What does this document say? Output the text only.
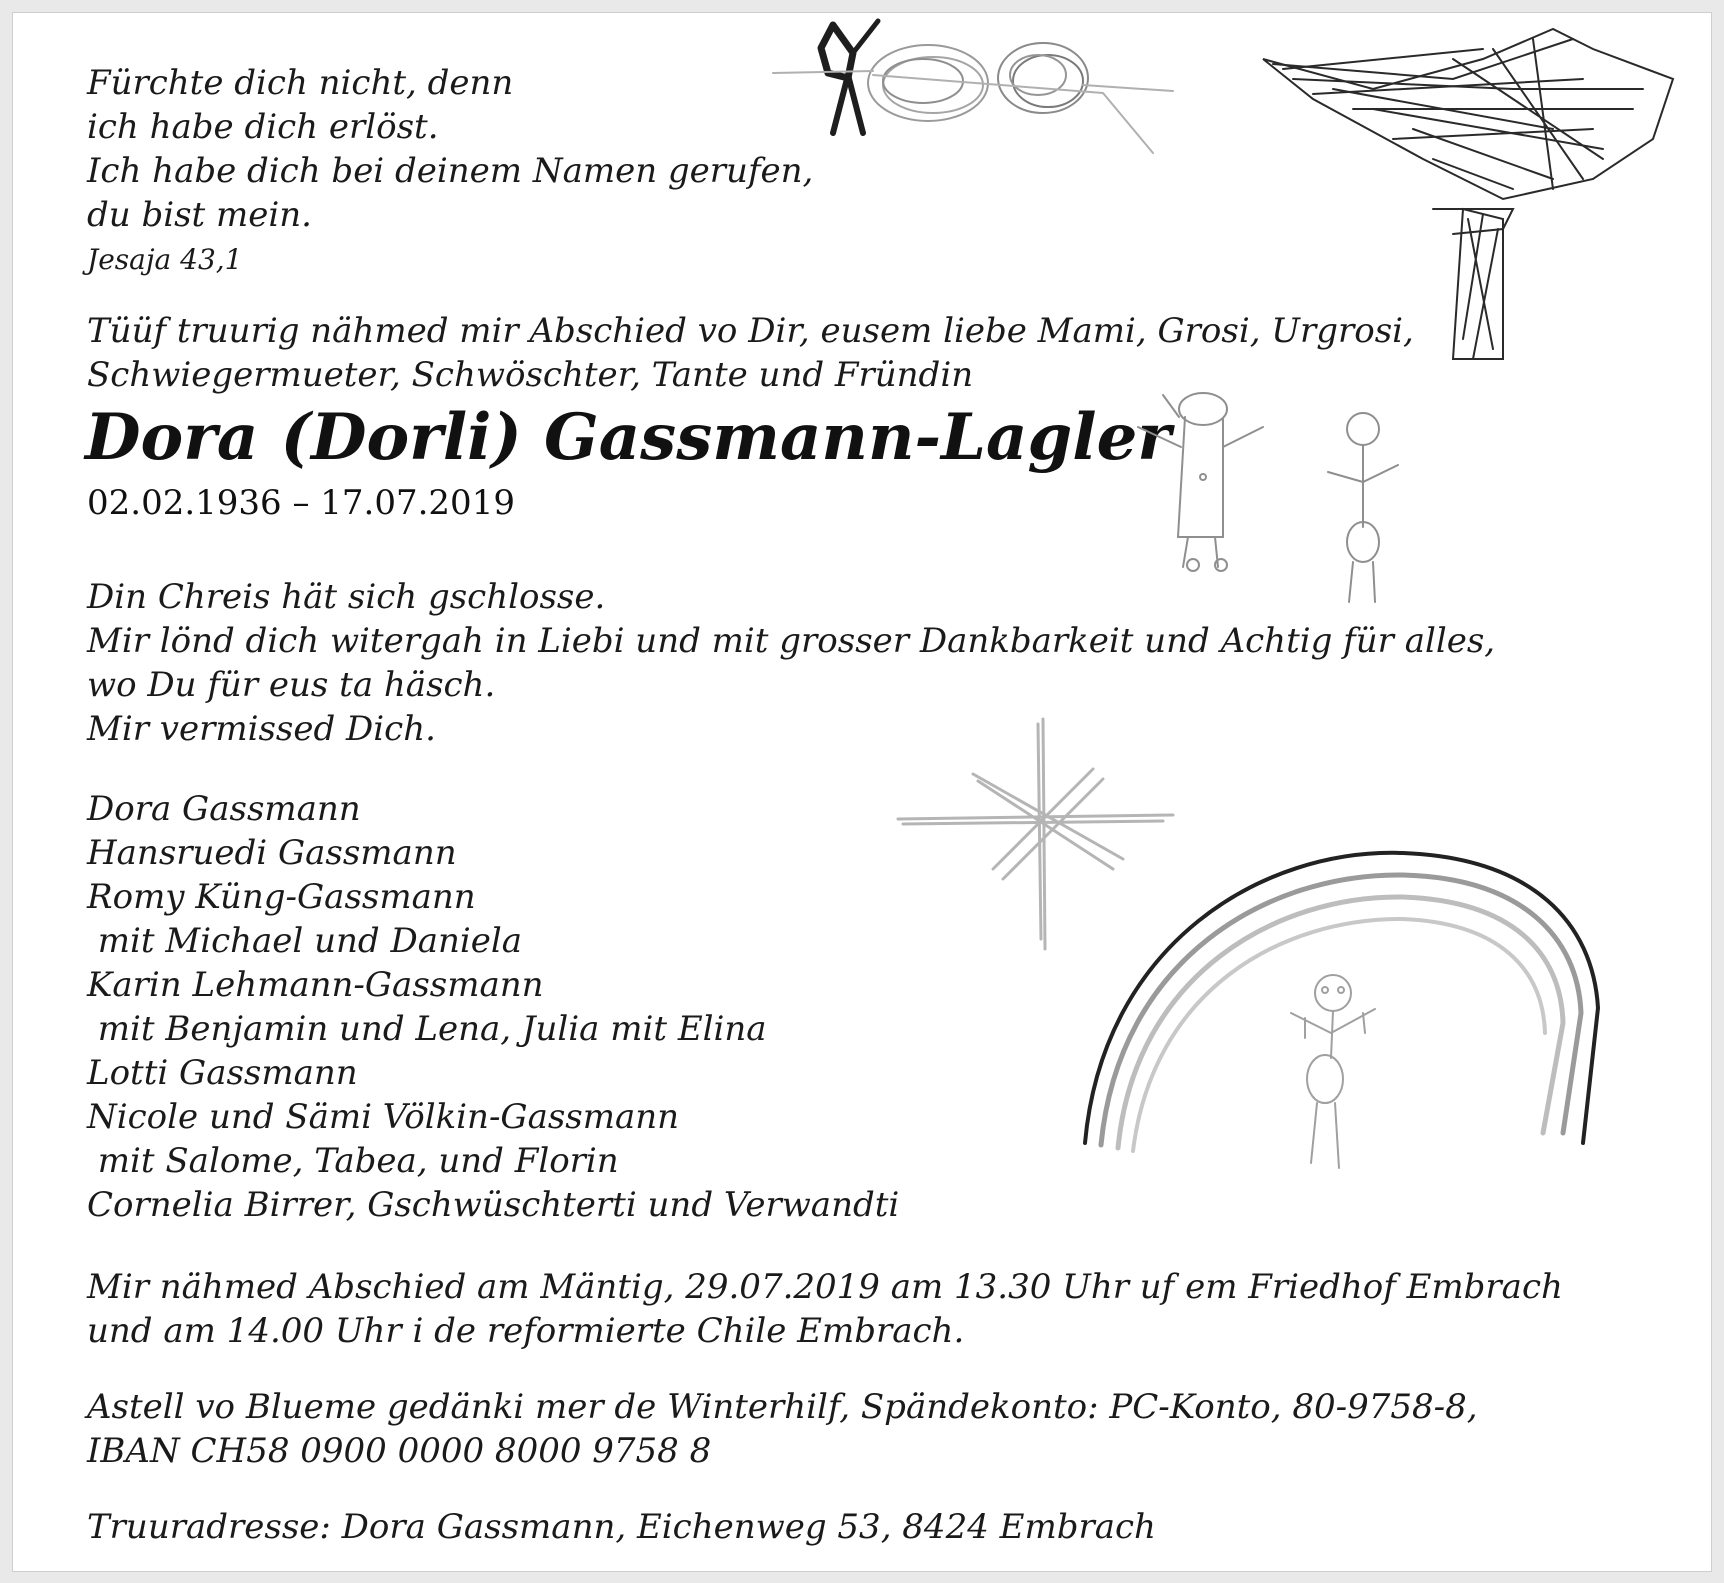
Fürchte dich nicht, denn

ich habe dich erlöst.

Ich habe dich bei deinem Namen gerufen,

du bist mein.

Jesaja 43,1

Tüüf truurig nähmed mir Abschied vo Dir, eusem liebe Mami, Grosi, Urgrosi,

Schwiegermueter, Schwöschter, Tante und Fründin

Dora (Dorli) Gassmann-Lagler

02.02.1936 – 17.07.2019

Din Chreis hät sich gschlosse.

Mir lönd dich witergah in Liebi und mit grosser Dankbarkeit und Achtig für alles,

wo Du für eus ta häsch.

Mir vermissed Dich.

Dora Gassmann

Hansruedi Gassmann

Romy Küng-Gassmann

mit Michael und Daniela

Karin Lehmann-Gassmann

mit Benjamin und Lena, Julia mit Elina

Lotti Gassmann

Nicole und Sämi Völkin-Gassmann

mit Salome, Tabea, und Florin

Cornelia Birrer, Gschwüschterti und Verwandti

Mir nähmed Abschied am Mäntig, 29.07.2019 am 13.30 Uhr uf em Friedhof Embrach

und am 14.00 Uhr i de reformierte Chile Embrach.

Astell vo Blueme gedänki mer de Winterhilf, Spändekonto: PC-Konto, 80-9758-8,

IBAN CH58 0900 0000 8000 9758 8

Truuradresse: Dora Gassmann, Eichenweg 53, 8424 Embrach
